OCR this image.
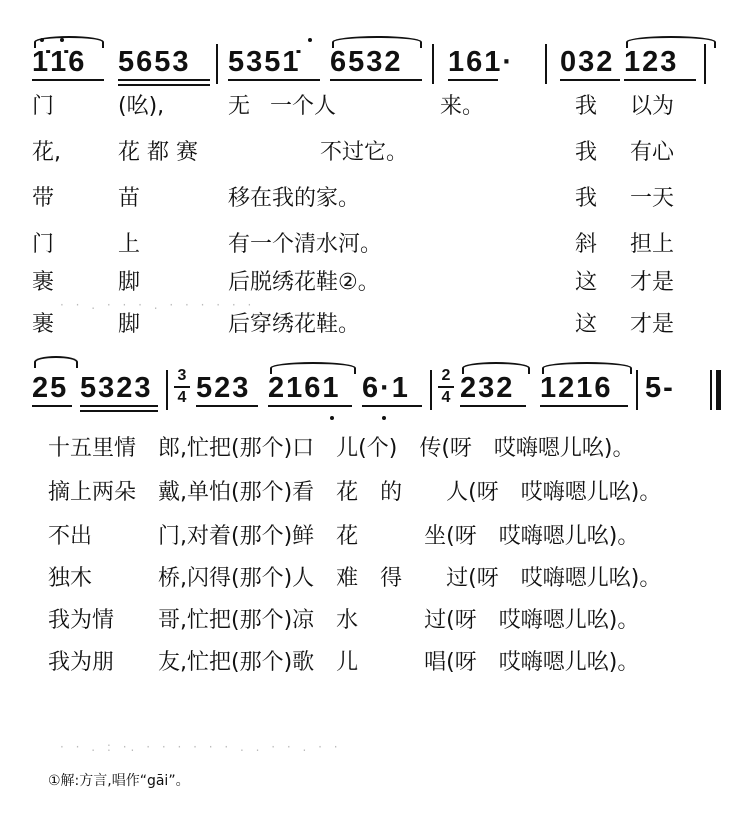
1̇1̇6 5653 5351̇ 6532 161· 032 123
门	(吆),	无 一个人	来。	我 以为
花,	花 都 赛	不过它。	我 有心
带	苗	移在我的家。	我 一天
门	上	有一个清水河。	斜 担上
裹	脚	后脱绣花鞋②。	这 才是
裹	脚	后穿绣花鞋。	这 才是
25 5323 523 2161 6·1 232 1216 5-
3
4
2
4
十五里情　郎,忙把(那个)口　儿(个)　传(呀　哎嗨嗯儿吆)。
摘上两朵　戴,单怕(那个)看　花　的　　人(呀　哎嗨嗯儿吆)。
不出　　　门,对着(那个)鲜　花　　　坐(呀　哎嗨嗯儿吆)。
独木　　　桥,闪得(那个)人　难　得　　过(呀　哎嗨嗯儿吆)。
我为情　　哥,忙把(那个)凉　水　　　过(呀　哎嗨嗯儿吆)。
我为朋　　友,忙把(那个)歌　儿　　　唱(呀　哎嗨嗯儿吆)。
· · . : ·. · · · · · · . . · · . · ·
· · . · · · . · · · · · ·
①解:方言,唱作“gāi”。
